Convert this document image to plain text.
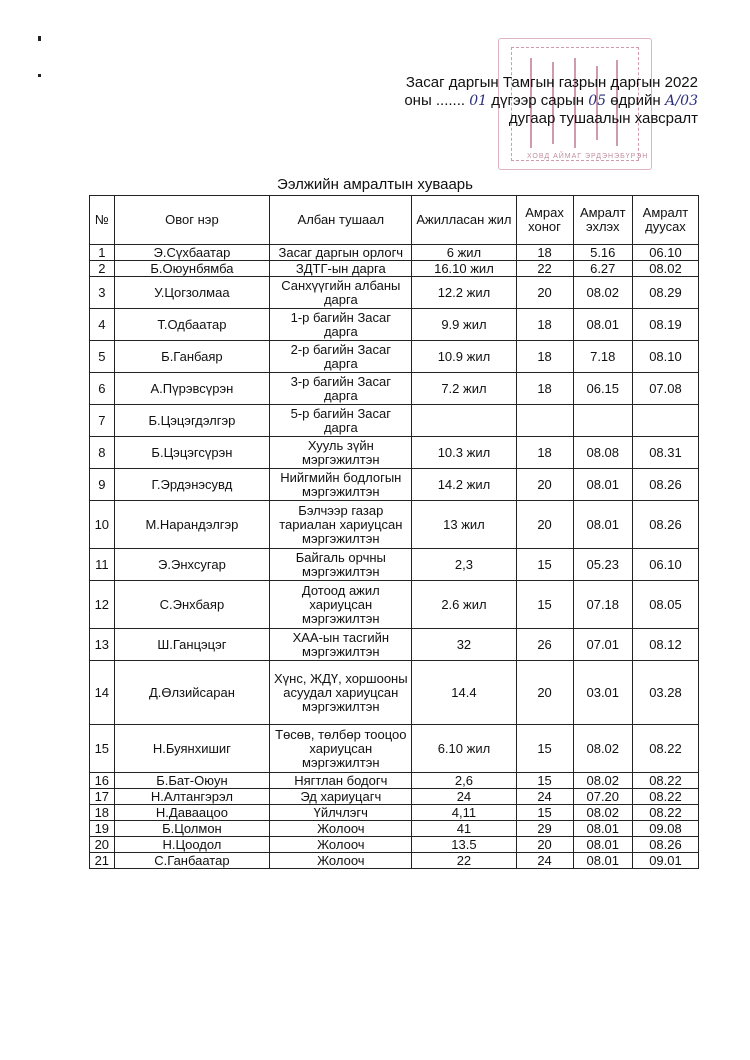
ХОВД АЙМАГ ЭРДЭНЭБҮРЭН
Засаг даргын Тамгын газрын даргын 2022
оны ....... 01 дүгээр сарын 05 өдрийн А/03
дугаар тушаалын хавсралт
Ээлжийн амралтын хуваарь
№	Овог нэр	Албан тушаал	Ажилласан жил	Амрах хоног	Амралт эхлэх	Амралт дуусах
1	Э.Сүхбаатар	Засаг даргын орлогч	6 жил	18	5.16	06.10
2	Б.Оюунбямба	ЗДТГ-ын дарга	16.10 жил	22	6.27	08.02
3	У.Цогзолмаа	Санхүүгийн албаны дарга	12.2 жил	20	08.02	08.29
4	Т.Одбаатар	1-р багийн Засаг дарга	9.9 жил	18	08.01	08.19
5	Б.Ганбаяр	2-р багийн Засаг дарга	10.9 жил	18	7.18	08.10
6	А.Пүрэвсүрэн	3-р багийн Засаг дарга	7.2 жил	18	06.15	07.08
7	Б.Цэцэгдэлгэр	5-р багийн Засаг дарга				
8	Б.Цэцэгсүрэн	Хууль зүйн мэргэжилтэн	10.3 жил	18	08.08	08.31
9	Г.Эрдэнэсувд	Нийгмийн бодлогын мэргэжилтэн	14.2 жил	20	08.01	08.26
10	М.Нарандэлгэр	Бэлчээр газар тариалан хариуцсан мэргэжилтэн	13 жил	20	08.01	08.26
11	Э.Энхсугар	Байгаль орчны мэргэжилтэн	2,3	15	05.23	06.10
12	С.Энхбаяр	Дотоод ажил хариуцсан мэргэжилтэн	2.6 жил	15	07.18	08.05
13	Ш.Ганцэцэг	ХАА-ын тасгийн мэргэжилтэн	32	26	07.01	08.12
14	Д.Өлзийсаран	Хүнс, ЖДҮ, хоршооны асуудал хариуцсан мэргэжилтэн	14.4	20	03.01	03.28
15	Н.Буянхишиг	Төсөв, төлбөр тооцоо хариуцсан мэргэжилтэн	6.10 жил	15	08.02	08.22
16	Б.Бат-Оюун	Нягтлан бодогч	2,6	15	08.02	08.22
17	Н.Алтангэрэл	Эд хариуцагч	24	24	07.20	08.22
18	Н.Даваацоо	Үйлчлэгч	4,11	15	08.02	08.22
19	Б.Цолмон	Жолооч	41	29	08.01	09.08
20	Н.Цоодол	Жолооч	13.5	20	08.01	08.26
21	С.Ганбаатар	Жолооч	22	24	08.01	09.01
